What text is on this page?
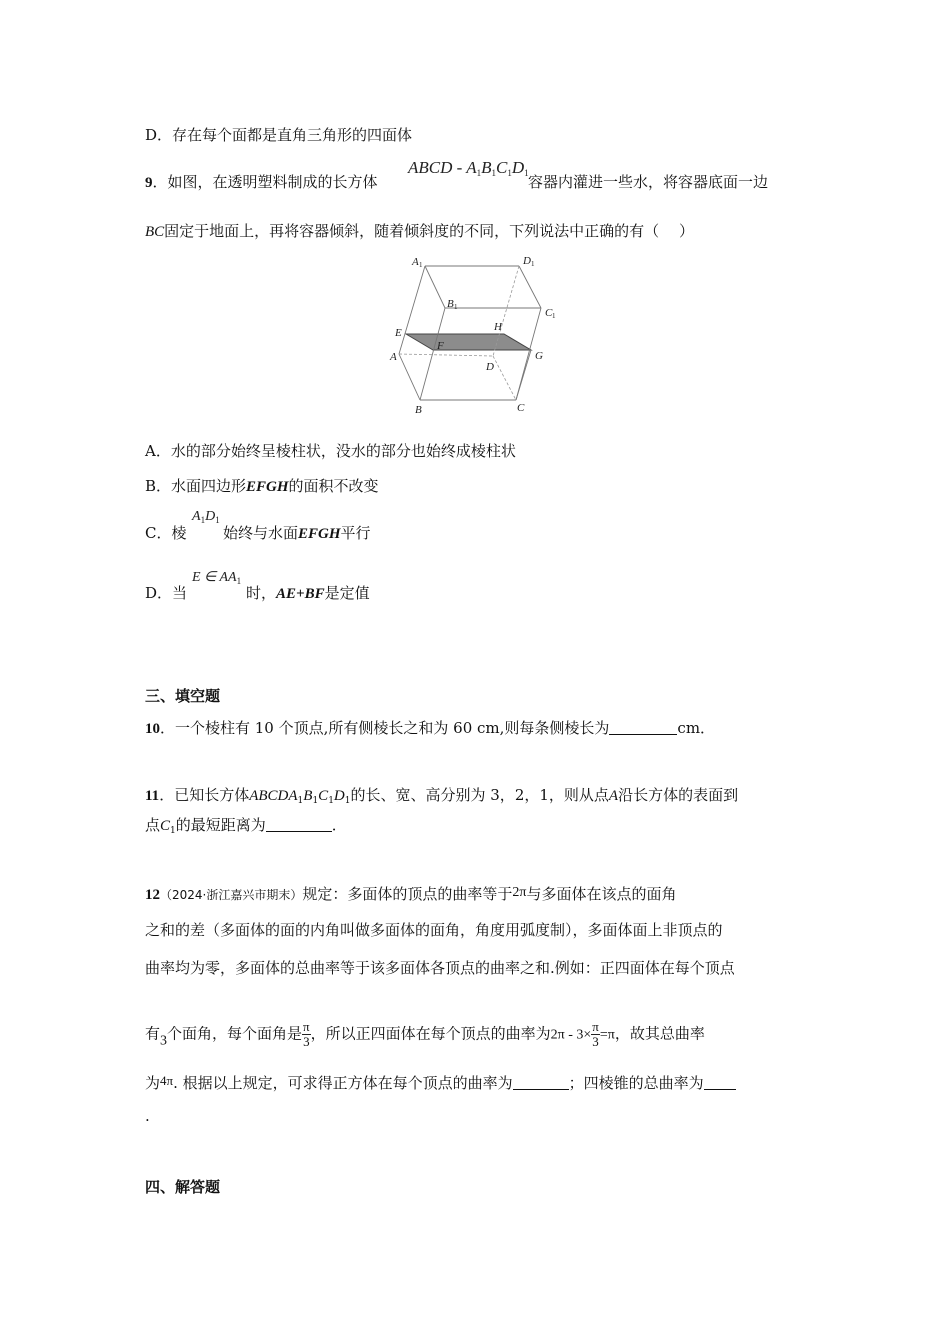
D．存在每个面都是直角三角形的四面体
9．如图，在透明塑料制成的长方体
ABCD - $A_1B_1C_1D_1$ 容器内灌进一些水，将容器底面一边
BC固定于地面上，再将容器倾斜，随着倾斜度的不同，下列说法中正确的有（　 ）
A 1	D 1
B 1	C 1
E	H
F
A	G
D
B	C
A．水的部分始终呈棱柱状，没水的部分也始终成棱柱状
B．水面四边形EFGH的面积不改变
C．棱
$A_1D_1$
始终与水面EFGH平行
D．当
E ∈ $AA_1$
时，AE+BF是定值
三、填空题
10．一个棱柱有 10 个顶点,所有侧棱长之和为 60 cm,则每条侧棱长为	cm．
11．已知长方体$ABCDA_1B_1C_1D_1$的长、宽、高分别为 3，2，1，则从点A沿长方体的表面到
点$C_1$的最短距离为	．
12（2024·浙江嘉兴市期末）规定：多面体的顶点的曲率等于2π与多面体在该点的面角
之和的差（多面体的面的内角叫做多面体的面角，角度用弧度制），多面体面上非顶点的
曲率均为零，多面体的总曲率等于该多面体各顶点的曲率之和.例如：正四面体在每个顶点
有3个面角，每个面角是 $\frac{\pi}{3}$ ，所以正四面体在每个顶点的曲率为$2\pi - 3\times \frac{\pi}{3} =\pi$，故其总曲率
为4π. 根据以上规定，可求得正方体在每个顶点的曲率为	；四棱锥的总曲率为
.
四、解答题
